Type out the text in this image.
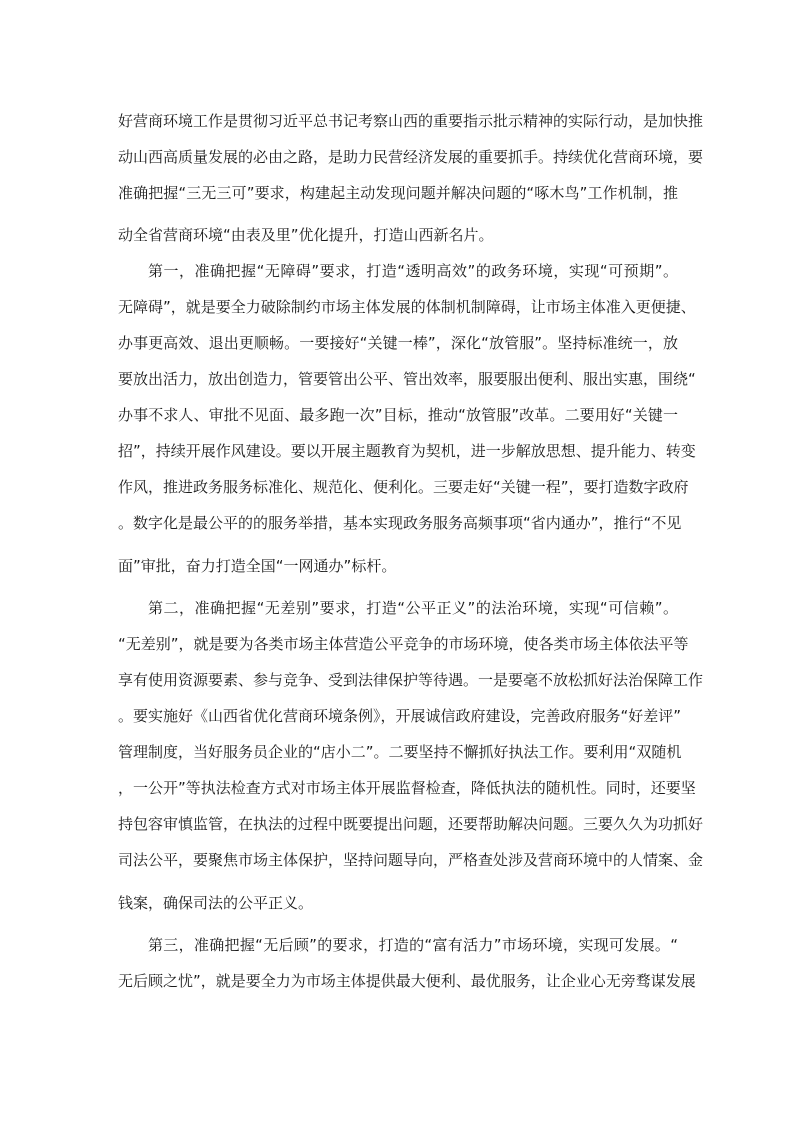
好营商环境工作是贯彻习近平总书记考察山西的重要指示批示精神的实际行动，是加快推
动山西高质量发展的必由之路，是助力民营经济发展的重要抓手。持续优化营商环境，要
准确把握“三无三可”要求，构建起主动发现问题并解决问题的“啄木鸟”工作机制，推
动全省营商环境“由表及里”优化提升，打造山西新名片。
第一，准确把握“无障碍”要求，打造“透明高效”的政务环境，实现“可预期”。
无障碍”，就是要全力破除制约市场主体发展的体制机制障碍，让市场主体准入更便捷、
办事更高效、退出更顺畅。一要接好“关键一棒”，深化“放管服”。坚持标准统一，放
要放出活力，放出创造力，管要管出公平、管出效率，服要服出便利、服出实惠，围绕“
办事不求人、审批不见面、最多跑一次”目标，推动“放管服”改革。二要用好“关键一
招”，持续开展作风建设。要以开展主题教育为契机，进一步解放思想、提升能力、转变
作风，推进政务服务标准化、规范化、便利化。三要走好“关键一程”，要打造数字政府
。数字化是最公平的的服务举措，基本实现政务服务高频事项“省内通办”，推行“不见
面”审批，奋力打造全国“一网通办”标杆。
第二，准确把握“无差别”要求，打造“公平正义”的法治环境，实现“可信赖”。
“无差别”，就是要为各类市场主体营造公平竞争的市场环境，使各类市场主体依法平等
享有使用资源要素、参与竞争、受到法律保护等待遇。一是要毫不放松抓好法治保障工作
。要实施好《山西省优化营商环境条例》，开展诚信政府建设，完善政府服务“好差评”
管理制度，当好服务员企业的“店小二”。二要坚持不懈抓好执法工作。要利用“双随机
，一公开”等执法检查方式对市场主体开展监督检查，降低执法的随机性。同时，还要坚
持包容审慎监管，在执法的过程中既要提出问题，还要帮助解决问题。三要久久为功抓好
司法公平，要聚焦市场主体保护，坚持问题导向，严格查处涉及营商环境中的人情案、金
钱案，确保司法的公平正义。
第三，准确把握“无后顾”的要求，打造的“富有活力”市场环境，实现可发展。“
无后顾之忧”，就是要全力为市场主体提供最大便利、最优服务，让企业心无旁骛谋发展
